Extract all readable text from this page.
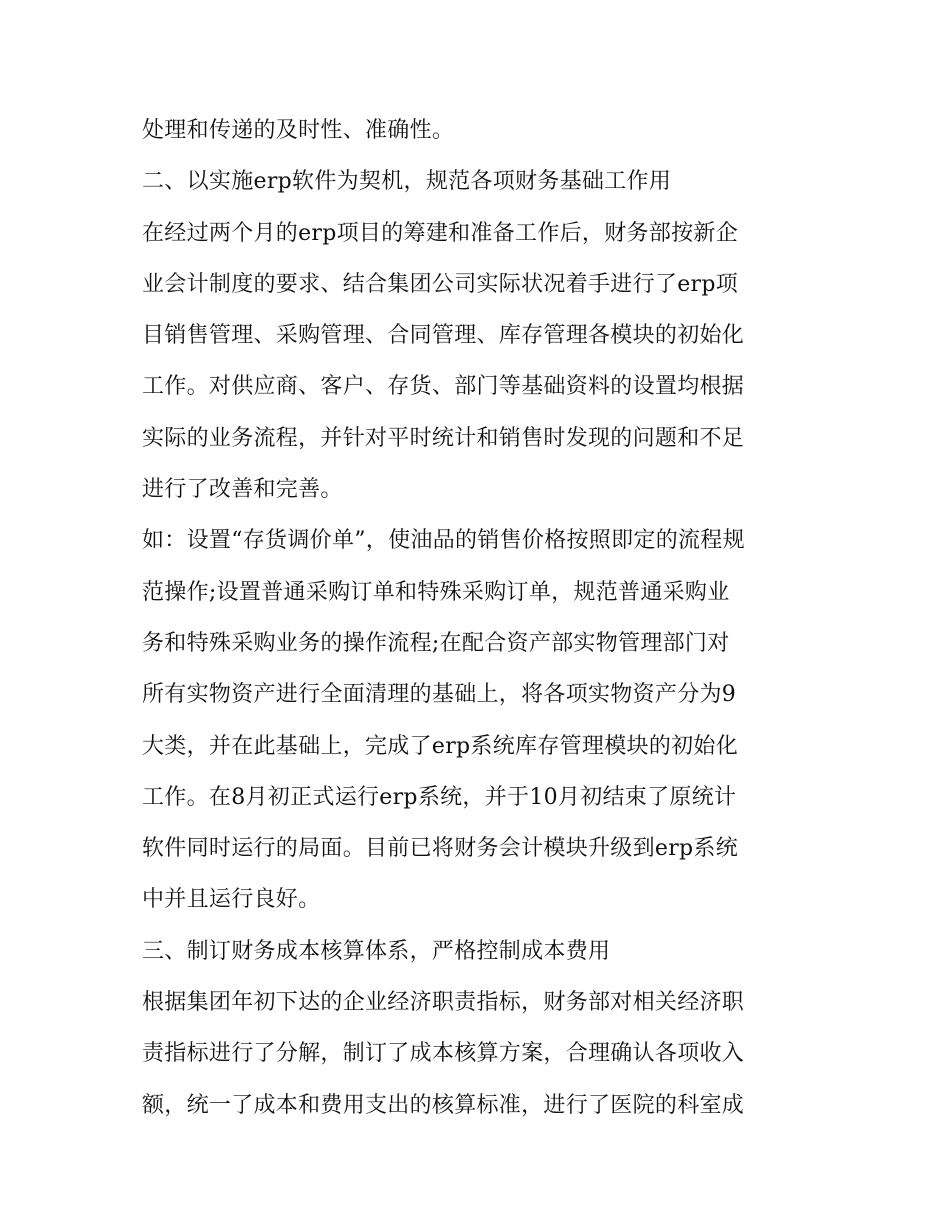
处理和传递的及时性、准确性。
二、以实施erp软件为契机，规范各项财务基础工作用
在经过两个月的erp项目的筹建和准备工作后，财务部按新企
业会计制度的要求、结合集团公司实际状况着手进行了erp项
目销售管理、采购管理、合同管理、库存管理各模块的初始化
工作。对供应商、客户、存货、部门等基础资料的设置均根据
实际的业务流程，并针对平时统计和销售时发现的问题和不足
进行了改善和完善。
如：设置“存货调价单”，使油品的销售价格按照即定的流程规
范操作;设置普通采购订单和特殊采购订单，规范普通采购业
务和特殊采购业务的操作流程;在配合资产部实物管理部门对
所有实物资产进行全面清理的基础上，将各项实物资产分为9
大类，并在此基础上，完成了erp系统库存管理模块的初始化
工作。在8月初正式运行erp系统，并于10月初结束了原统计
软件同时运行的局面。目前已将财务会计模块升级到erp系统
中并且运行良好。
三、制订财务成本核算体系，严格控制成本费用
根据集团年初下达的企业经济职责指标，财务部对相关经济职
责指标进行了分解，制订了成本核算方案，合理确认各项收入
额，统一了成本和费用支出的核算标准，进行了医院的科室成
